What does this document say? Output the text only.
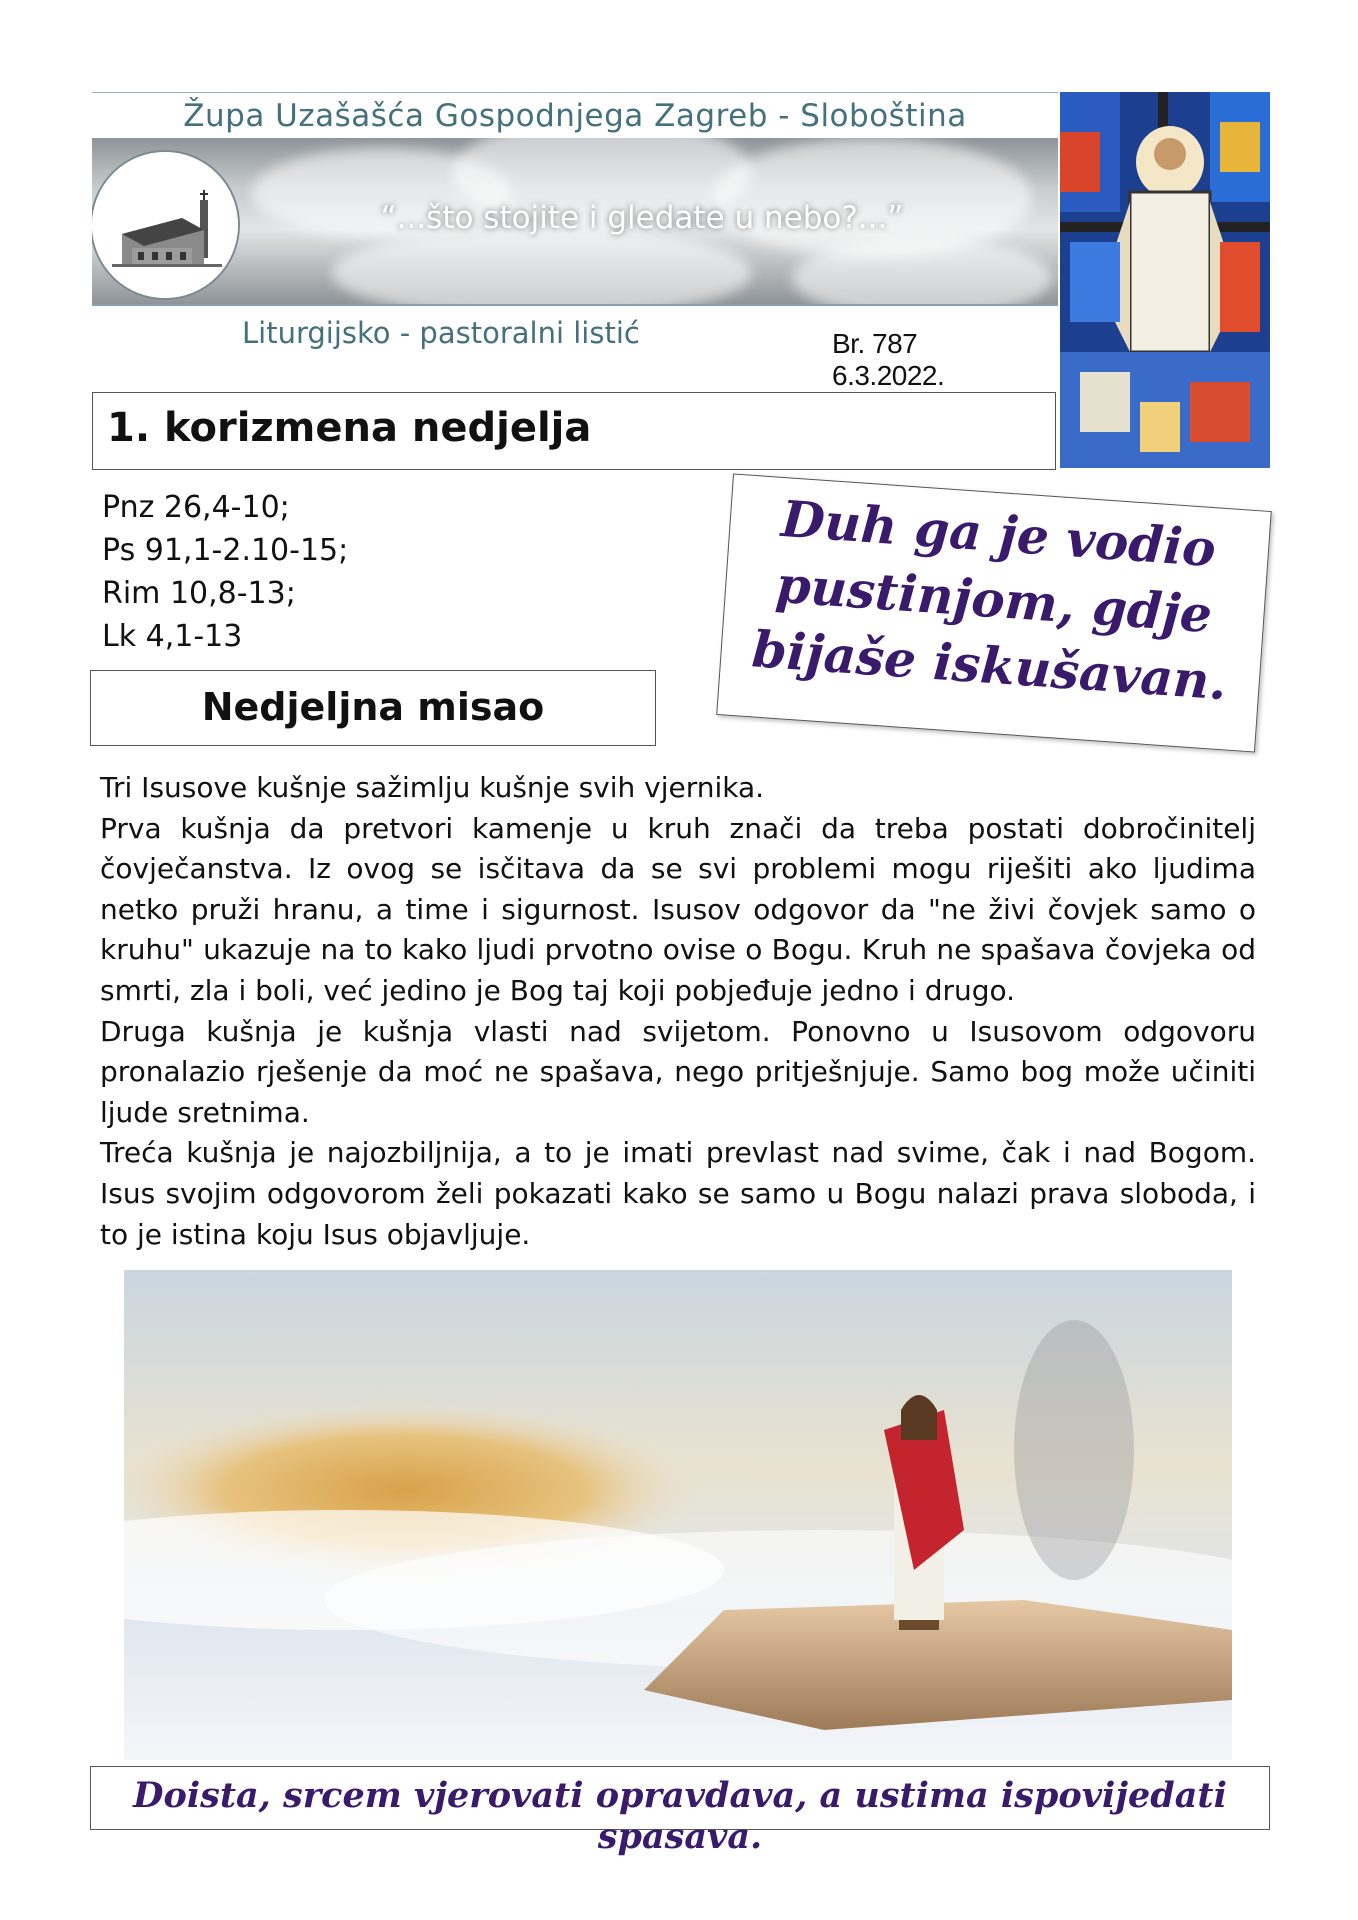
Župa Uzašašća Gospodnjega Zagreb - Sloboština
“...što stojite i gledate u nebo?...”
Liturgijsko - pastoralni listić	Br. 7876.3.2022.
1. korizmena nedjelja
Pnz 26,4-10;
Ps 91,1-2.10-15;
Rim 10,8-13;
Lk 4,1-13
Duh ga je vodio
pustinjom, gdje
bijaše iskušavan.
Nedjeljna misao

Tri Isusove kušnje sažimlju kušnje svih vjernika.

Prva kušnja da pretvori kamenje u kruh znači da treba postati dobročinitelj čovječanstva. Iz ovog se isčitava da se svi problemi mogu riješiti ako ljudima netko pruži hranu, a time i sigurnost. Isusov odgovor da "ne živi čovjek samo o kruhu" ukazuje na to kako ljudi prvotno ovise o Bogu. Kruh ne spašava čovjeka od smrti, zla i boli, već jedino je Bog taj koji pobjeđuje jedno i drugo.

Druga kušnja je kušnja vlasti nad svijetom. Ponovno u Isusovom odgovoru pronalazio rješenje da moć ne spašava, nego pritješnjuje. Samo bog može učiniti ljude sretnima.

Treća kušnja je najozbiljnija, a to je imati prevlast nad svime, čak i nad Bogom. Isus svojim odgovorom želi pokazati kako se samo u Bogu nalazi prava sloboda, i to je istina koju Isus objavljuje.

Doista, srcem vjerovati opravdava, a ustima ispovijedati spasava.
